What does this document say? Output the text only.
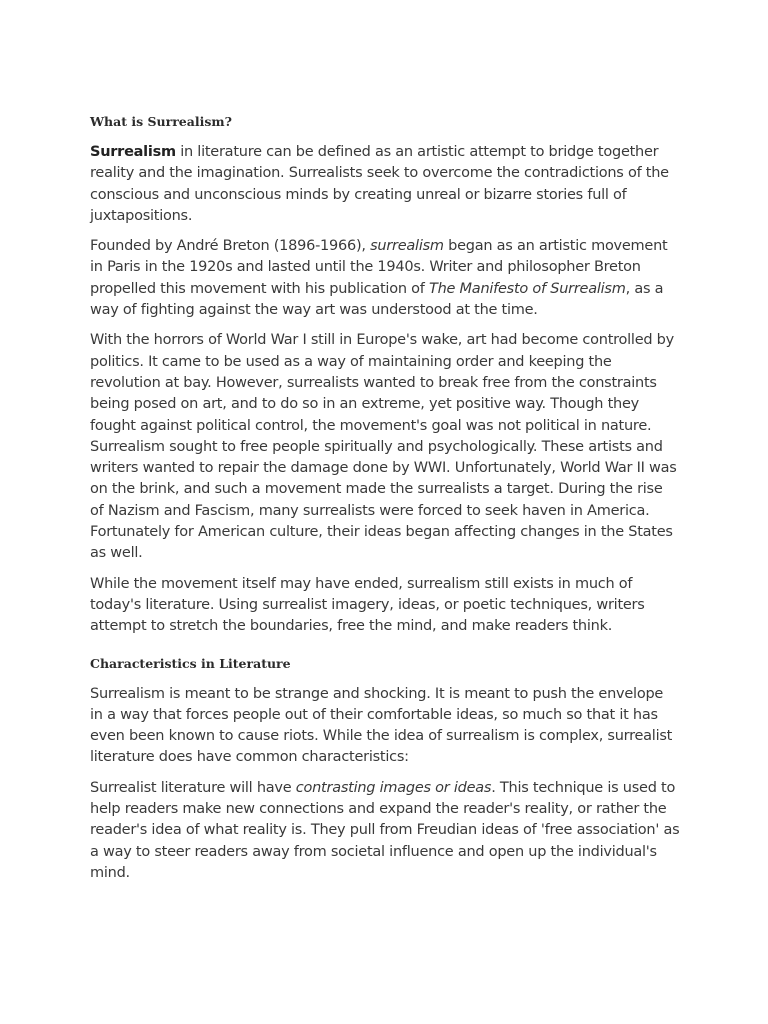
What is Surrealism?

Surrealism in literature can be defined as an artistic attempt to bridge together reality and the imagination. Surrealists seek to overcome the contradictions of the conscious and unconscious minds by creating unreal or bizarre stories full of juxtapositions.

Founded by André Breton (1896-1966), surrealism began as an artistic movement in Paris in the 1920s and lasted until the 1940s. Writer and philosopher Breton propelled this movement with his publication of The Manifesto of Surrealism, as a way of fighting against the way art was understood at the time.

With the horrors of World War I still in Europe's wake, art had become controlled by politics. It came to be used as a way of maintaining order and keeping the revolution at bay. However, surrealists wanted to break free from the constraints being posed on art, and to do so in an extreme, yet positive way. Though they fought against political control, the movement's goal was not political in nature. Surrealism sought to free people spiritually and psychologically. These artists and writers wanted to repair the damage done by WWI. Unfortunately, World War II was on the brink, and such a movement made the surrealists a target. During the rise of Nazism and Fascism, many surrealists were forced to seek haven in America. Fortunately for American culture, their ideas began affecting changes in the States as well.

While the movement itself may have ended, surrealism still exists in much of today's literature. Using surrealist imagery, ideas, or poetic techniques, writers attempt to stretch the boundaries, free the mind, and make readers think.

Characteristics in Literature

Surrealism is meant to be strange and shocking. It is meant to push the envelope in a way that forces people out of their comfortable ideas, so much so that it has even been known to cause riots. While the idea of surrealism is complex, surrealist literature does have common characteristics:

Surrealist literature will have contrasting images or ideas. This technique is used to help readers make new connections and expand the reader's reality, or rather the reader's idea of what reality is. They pull from Freudian ideas of 'free association' as a way to steer readers away from societal influence and open up the individual's mind.
